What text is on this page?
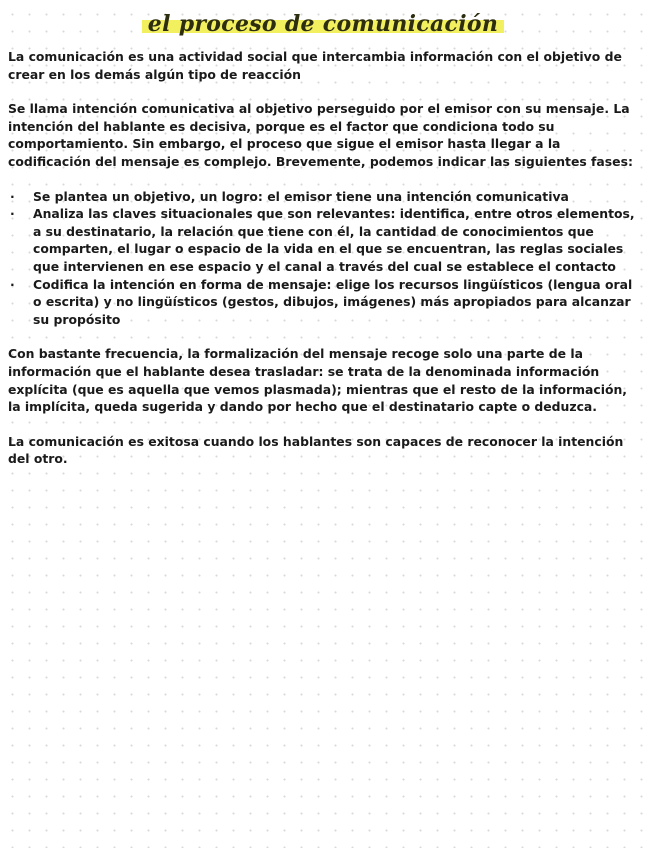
el proceso de comunicación

La comunicación es una actividad social que intercambia información con el objetivo de crear en los demás algún tipo de reacción

Se llama intención comunicativa al objetivo perseguido por el emisor con su mensaje. La intención del hablante es decisiva, porque es el factor que condiciona todo su comportamiento. Sin embargo, el proceso que sigue el emisor hasta llegar a la codificación del mensaje es complejo. Brevemente, podemos indicar las siguientes fases:

· Se plantea un objetivo, un logro: el emisor tiene una intención comunicativa
· Analiza las claves situacionales que son relevantes: identifica, entre otros elementos, a su destinatario, la relación que tiene con él, la cantidad de conocimientos que comparten, el lugar o espacio de la vida en el que se encuentran, las reglas sociales que intervienen en ese espacio y el canal a través del cual se establece el contacto
· Codifica la intención en forma de mensaje: elige los recursos lingüísticos (lengua oral o escrita) y no lingüísticos (gestos, dibujos, imágenes) más apropiados para alcanzar su propósito

Con bastante frecuencia, la formalización del mensaje recoge solo una parte de la información que el hablante desea trasladar: se trata de la denominada información explícita (que es aquella que vemos plasmada); mientras que el resto de la información, la implícita, queda sugerida y dando por hecho que el destinatario capte o deduzca.

La comunicación es exitosa cuando los hablantes son capaces de reconocer la intención del otro.
